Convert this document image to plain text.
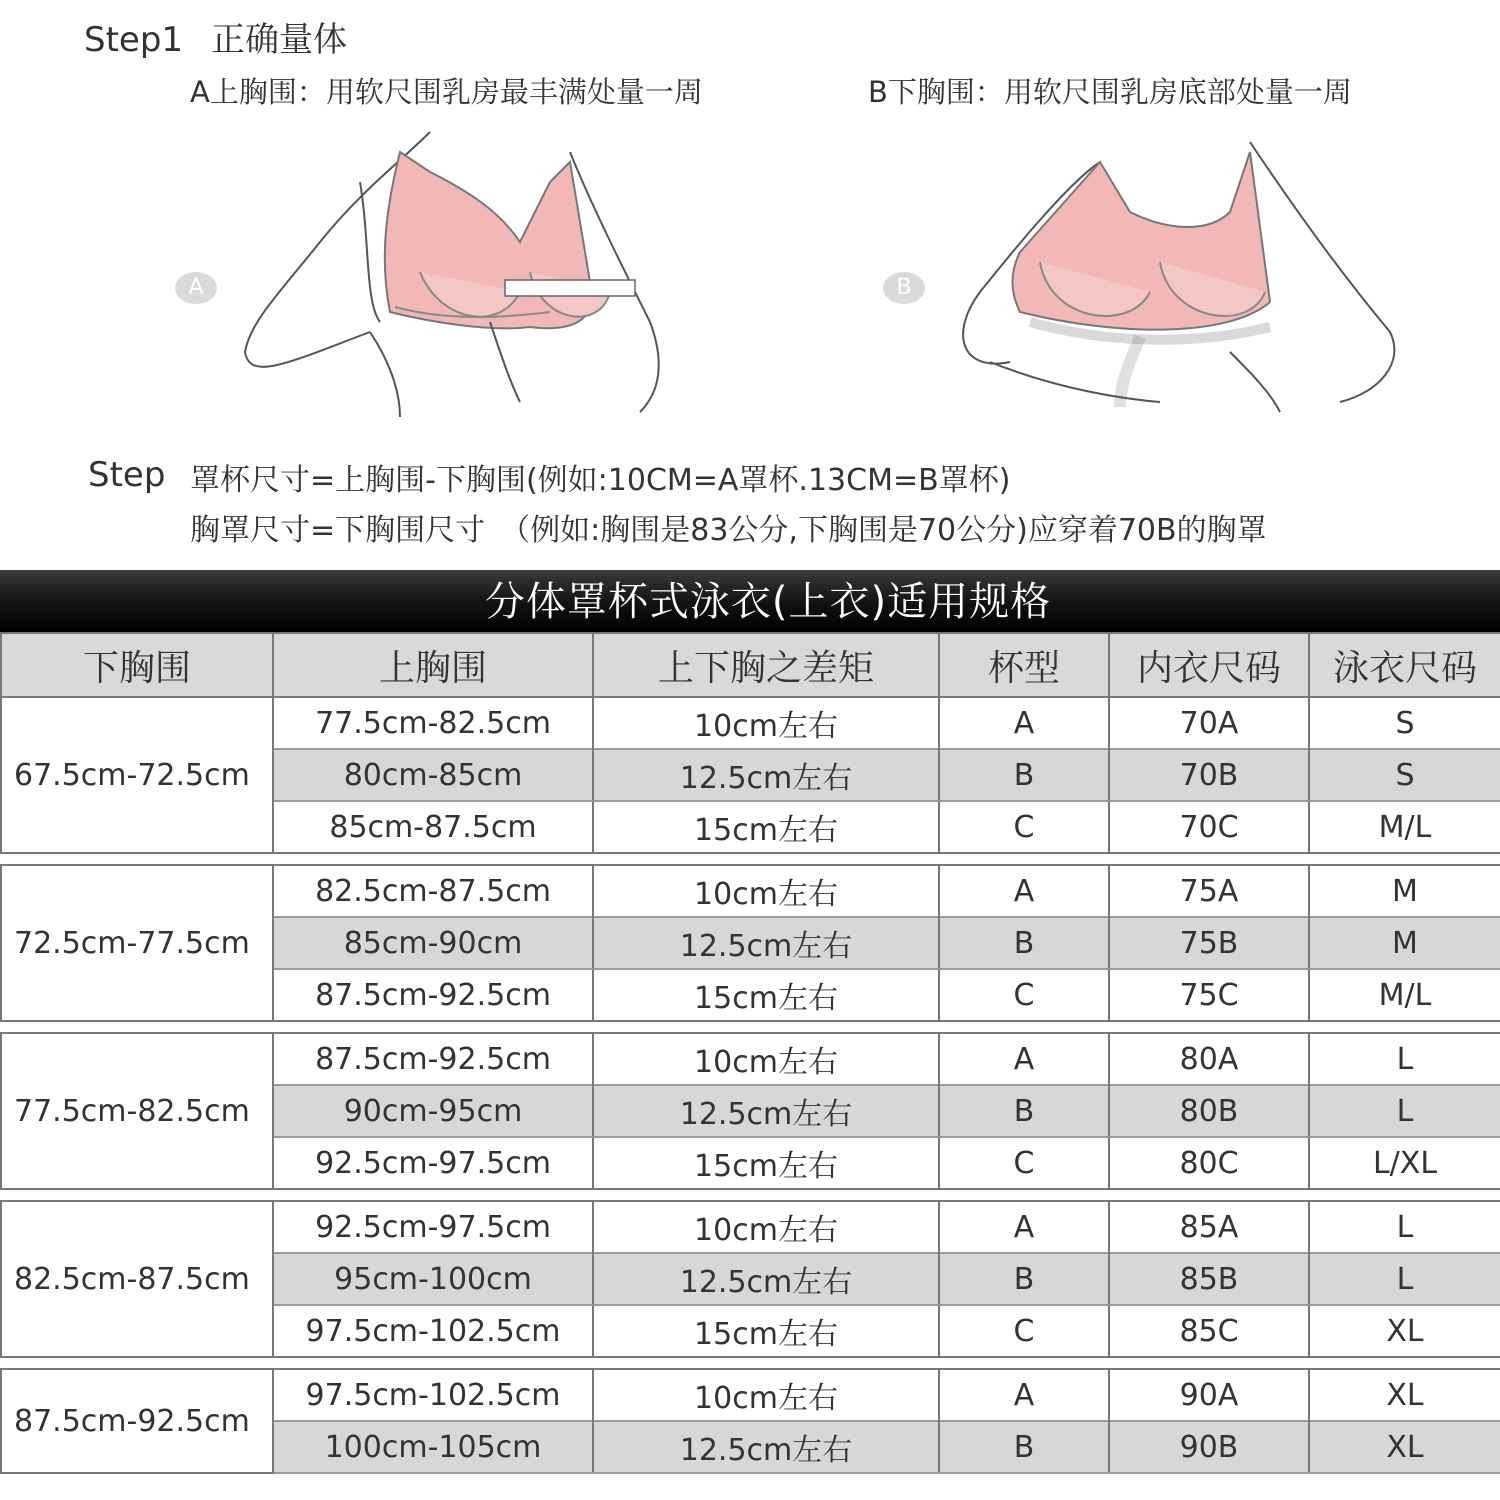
Step1 正确量体
A上胸围：用软尺围乳房最丰满处量一周	B下胸围：用软尺围乳房底部处量一周
A	B
Step 罩杯尺寸=上胸围-下胸围(例如:10CM=A罩杯.13CM=B罩杯)
胸罩尺寸=下胸围尺寸　（例如:胸围是83公分,下胸围是70公分)应穿着70B的胸罩
分体罩杯式泳衣(上衣)适用规格
下胸围	上胸围	上下胸之差矩	杯型	内衣尺码	泳衣尺码
67.5cm-72.5cm	77.5cm-82.5cm	10cm左右	A	70A	S
	80cm-85cm	12.5cm左右	B	70B	S
	85cm-87.5cm	15cm左右	C	70C	M/L

72.5cm-77.5cm	82.5cm-87.5cm	10cm左右	A	75A	M
	85cm-90cm	12.5cm左右	B	75B	M
	87.5cm-92.5cm	15cm左右	C	75C	M/L

77.5cm-82.5cm	87.5cm-92.5cm	10cm左右	A	80A	L
	90cm-95cm	12.5cm左右	B	80B	L
	92.5cm-97.5cm	15cm左右	C	80C	L/XL

82.5cm-87.5cm	92.5cm-97.5cm	10cm左右	A	85A	L
	95cm-100cm	12.5cm左右	B	85B	L
	97.5cm-102.5cm	15cm左右	C	85C	XL

87.5cm-92.5cm	97.5cm-102.5cm	10cm左右	A	90A	XL
	100cm-105cm	12.5cm左右	B	90B	XL
